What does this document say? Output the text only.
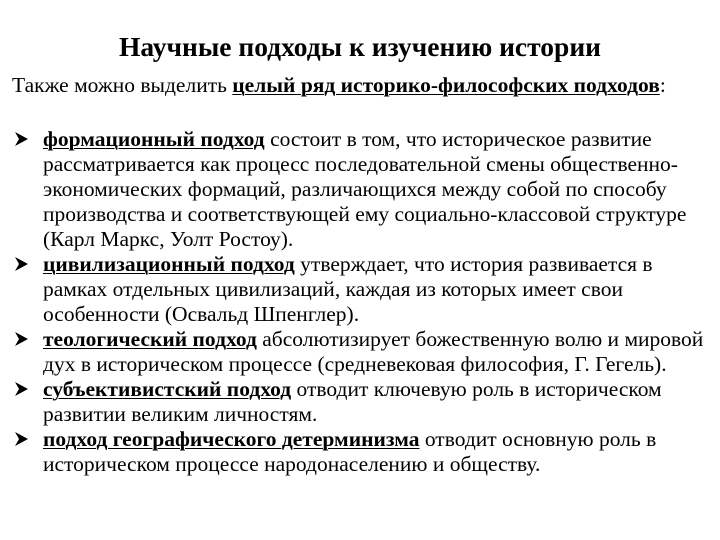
Научные подходы к изучению истории
Также можно выделить целый ряд историко-философских подходов:
формационный подход состоит в том, что историческое развитие рассматривается как процесс последовательной смены общественно-экономических формаций, различающихся между собой по способу производства и соответствующей ему социально-классовой структуре (Карл Маркс, Уолт Ростоу).
цивилизационный подход утверждает, что история развивается в рамках отдельных цивилизаций, каждая из которых имеет свои особенности (Освальд Шпенглер).
теологический подход абсолютизирует божественную волю и мировой дух в историческом процессе (средневековая философия, Г. Гегель).
субъективистский подход отводит ключевую роль в историческом развитии великим личностям.
подход географического детерминизма отводит основную роль в историческом процессе народонаселению и обществу.
